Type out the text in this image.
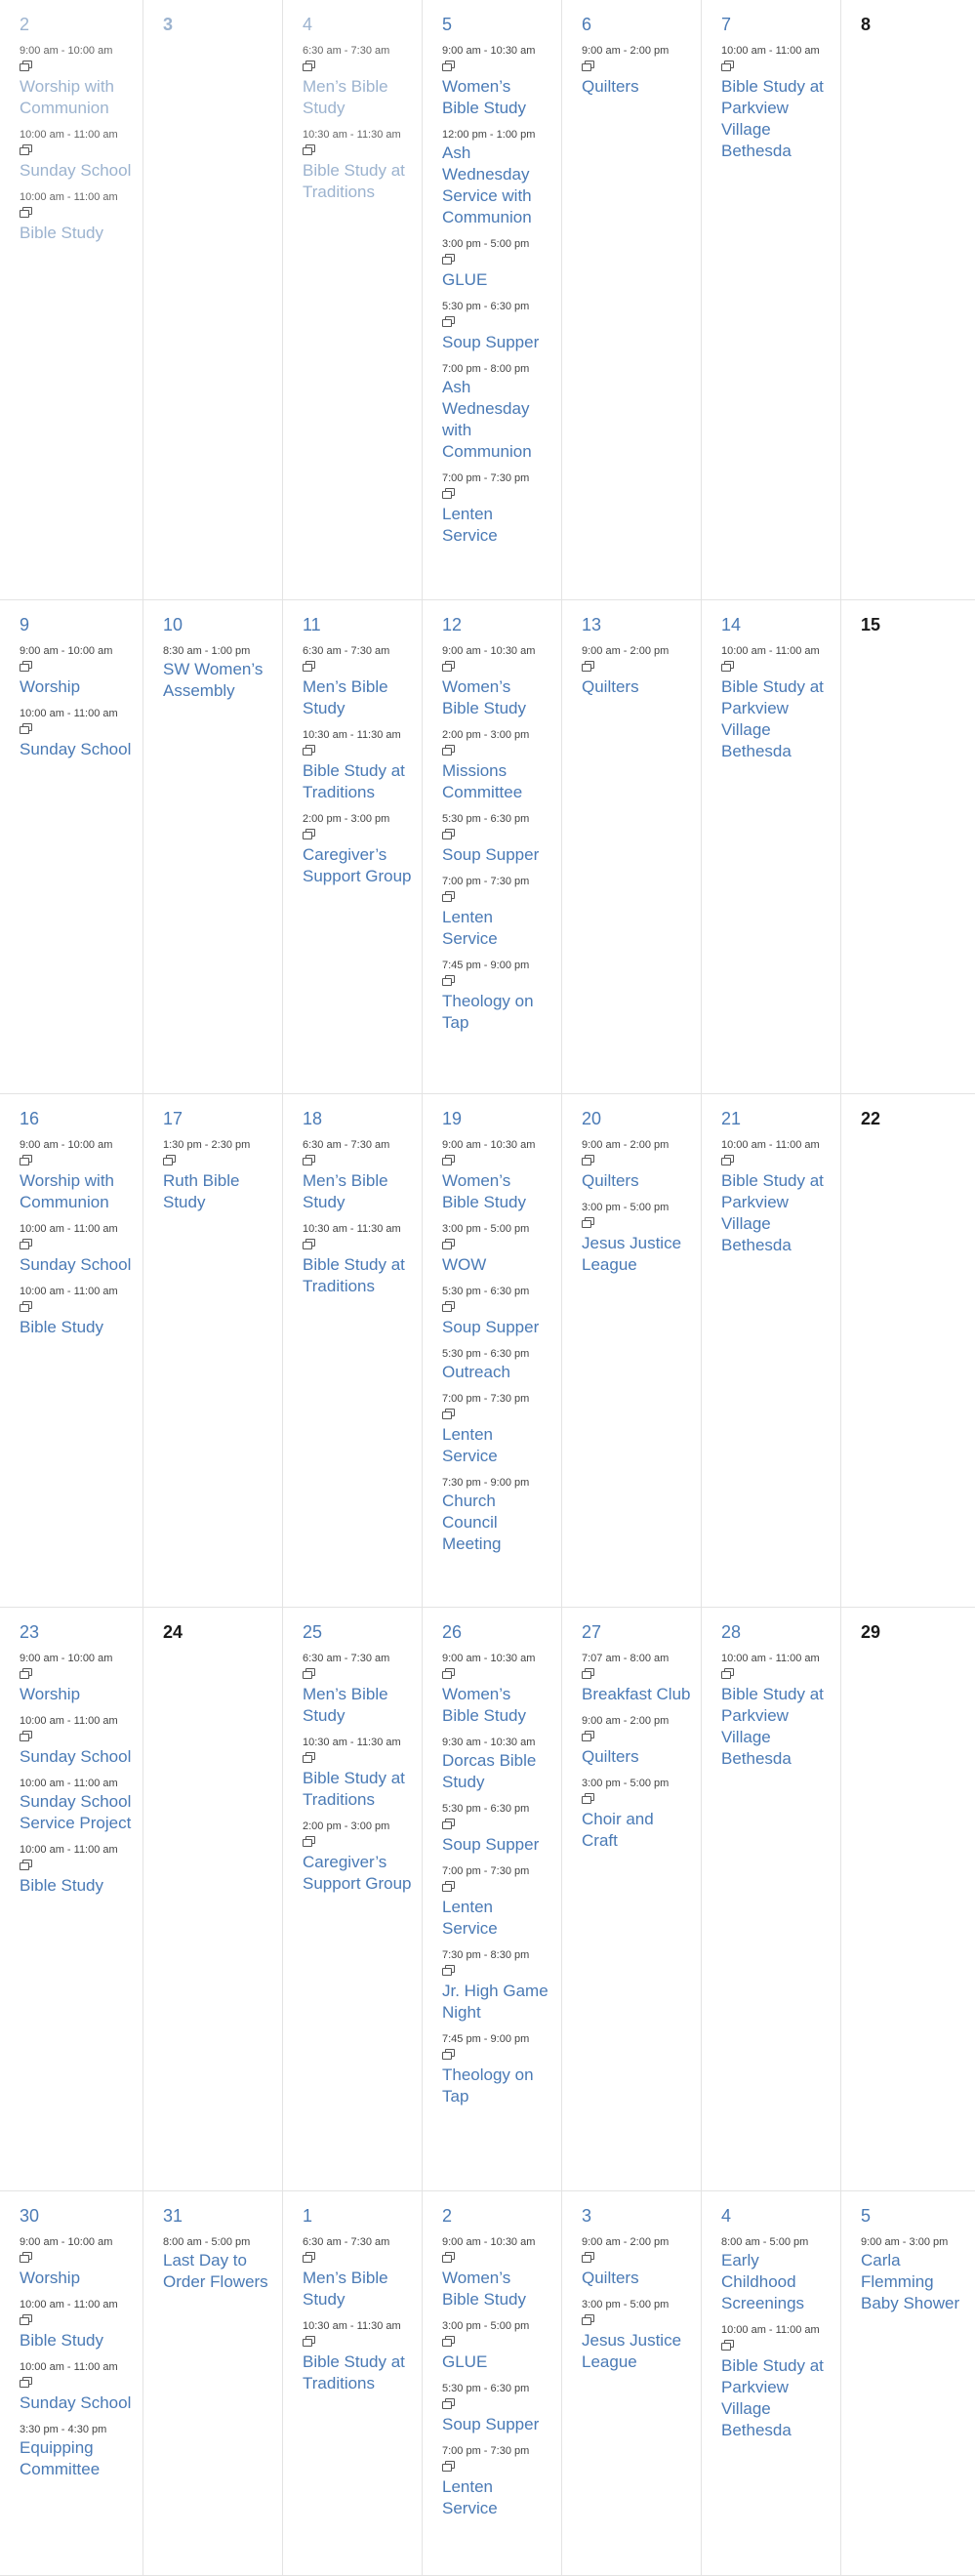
2
9:00 am - 10:00 am
Worship with Communion
10:00 am - 11:00 am
Sunday School
10:00 am - 11:00 am
Bible Study
3	4
6:30 am - 7:30 am
Men’s Bible Study
10:30 am - 11:30 am
Bible Study at Traditions
5
9:00 am - 10:30 am
Women’s Bible Study
12:00 pm - 1:00 pm
Ash Wednesday Service with Communion
3:00 pm - 5:00 pm
GLUE
5:30 pm - 6:30 pm
Soup Supper
7:00 pm - 8:00 pm
Ash Wednesday with Communion
7:00 pm - 7:30 pm
Lenten Service
6
9:00 am - 2:00 pm
Quilters
7
10:00 am - 11:00 am
Bible Study at Parkview Village Bethesda
8
9
9:00 am - 10:00 am
Worship
10:00 am - 11:00 am
Sunday School
10
8:30 am - 1:00 pm
SW Women’s Assembly
11
6:30 am - 7:30 am
Men’s Bible Study
10:30 am - 11:30 am
Bible Study at Traditions
2:00 pm - 3:00 pm
Caregiver’s Support Group
12
9:00 am - 10:30 am
Women’s Bible Study
2:00 pm - 3:00 pm
Missions Committee
5:30 pm - 6:30 pm
Soup Supper
7:00 pm - 7:30 pm
Lenten Service
7:45 pm - 9:00 pm
Theology on Tap
13
9:00 am - 2:00 pm
Quilters
14
10:00 am - 11:00 am
Bible Study at Parkview Village Bethesda
15
16
9:00 am - 10:00 am
Worship with Communion
10:00 am - 11:00 am
Sunday School
10:00 am - 11:00 am
Bible Study
17
1:30 pm - 2:30 pm
Ruth Bible Study
18
6:30 am - 7:30 am
Men’s Bible Study
10:30 am - 11:30 am
Bible Study at Traditions
19
9:00 am - 10:30 am
Women’s Bible Study
3:00 pm - 5:00 pm
WOW
5:30 pm - 6:30 pm
Soup Supper
5:30 pm - 6:30 pm
Outreach
7:00 pm - 7:30 pm
Lenten Service
7:30 pm - 9:00 pm
Church Council Meeting
20
9:00 am - 2:00 pm
Quilters
3:00 pm - 5:00 pm
Jesus Justice League
21
10:00 am - 11:00 am
Bible Study at Parkview Village Bethesda
22
23
9:00 am - 10:00 am
Worship
10:00 am - 11:00 am
Sunday School
10:00 am - 11:00 am
Sunday School Service Project
10:00 am - 11:00 am
Bible Study
24	25
6:30 am - 7:30 am
Men’s Bible Study
10:30 am - 11:30 am
Bible Study at Traditions
2:00 pm - 3:00 pm
Caregiver’s Support Group
26
9:00 am - 10:30 am
Women’s Bible Study
9:30 am - 10:30 am
Dorcas Bible Study
5:30 pm - 6:30 pm
Soup Supper
7:00 pm - 7:30 pm
Lenten Service
7:30 pm - 8:30 pm
Jr. High Game Night
7:45 pm - 9:00 pm
Theology on Tap
27
7:07 am - 8:00 am
Breakfast Club
9:00 am - 2:00 pm
Quilters
3:00 pm - 5:00 pm
Choir and Craft
28
10:00 am - 11:00 am
Bible Study at Parkview Village Bethesda
29
30
9:00 am - 10:00 am
Worship
10:00 am - 11:00 am
Bible Study
10:00 am - 11:00 am
Sunday School
3:30 pm - 4:30 pm
Equipping Committee
31
8:00 am - 5:00 pm
Last Day to Order Flowers
1
6:30 am - 7:30 am
Men’s Bible Study
10:30 am - 11:30 am
Bible Study at Traditions
2
9:00 am - 10:30 am
Women’s Bible Study
3:00 pm - 5:00 pm
GLUE
5:30 pm - 6:30 pm
Soup Supper
7:00 pm - 7:30 pm
Lenten Service
3
9:00 am - 2:00 pm
Quilters
3:00 pm - 5:00 pm
Jesus Justice League
4
8:00 am - 5:00 pm
Early Childhood Screenings
10:00 am - 11:00 am
Bible Study at Parkview Village Bethesda
5
9:00 am - 3:00 pm
Carla Flemming Baby Shower
